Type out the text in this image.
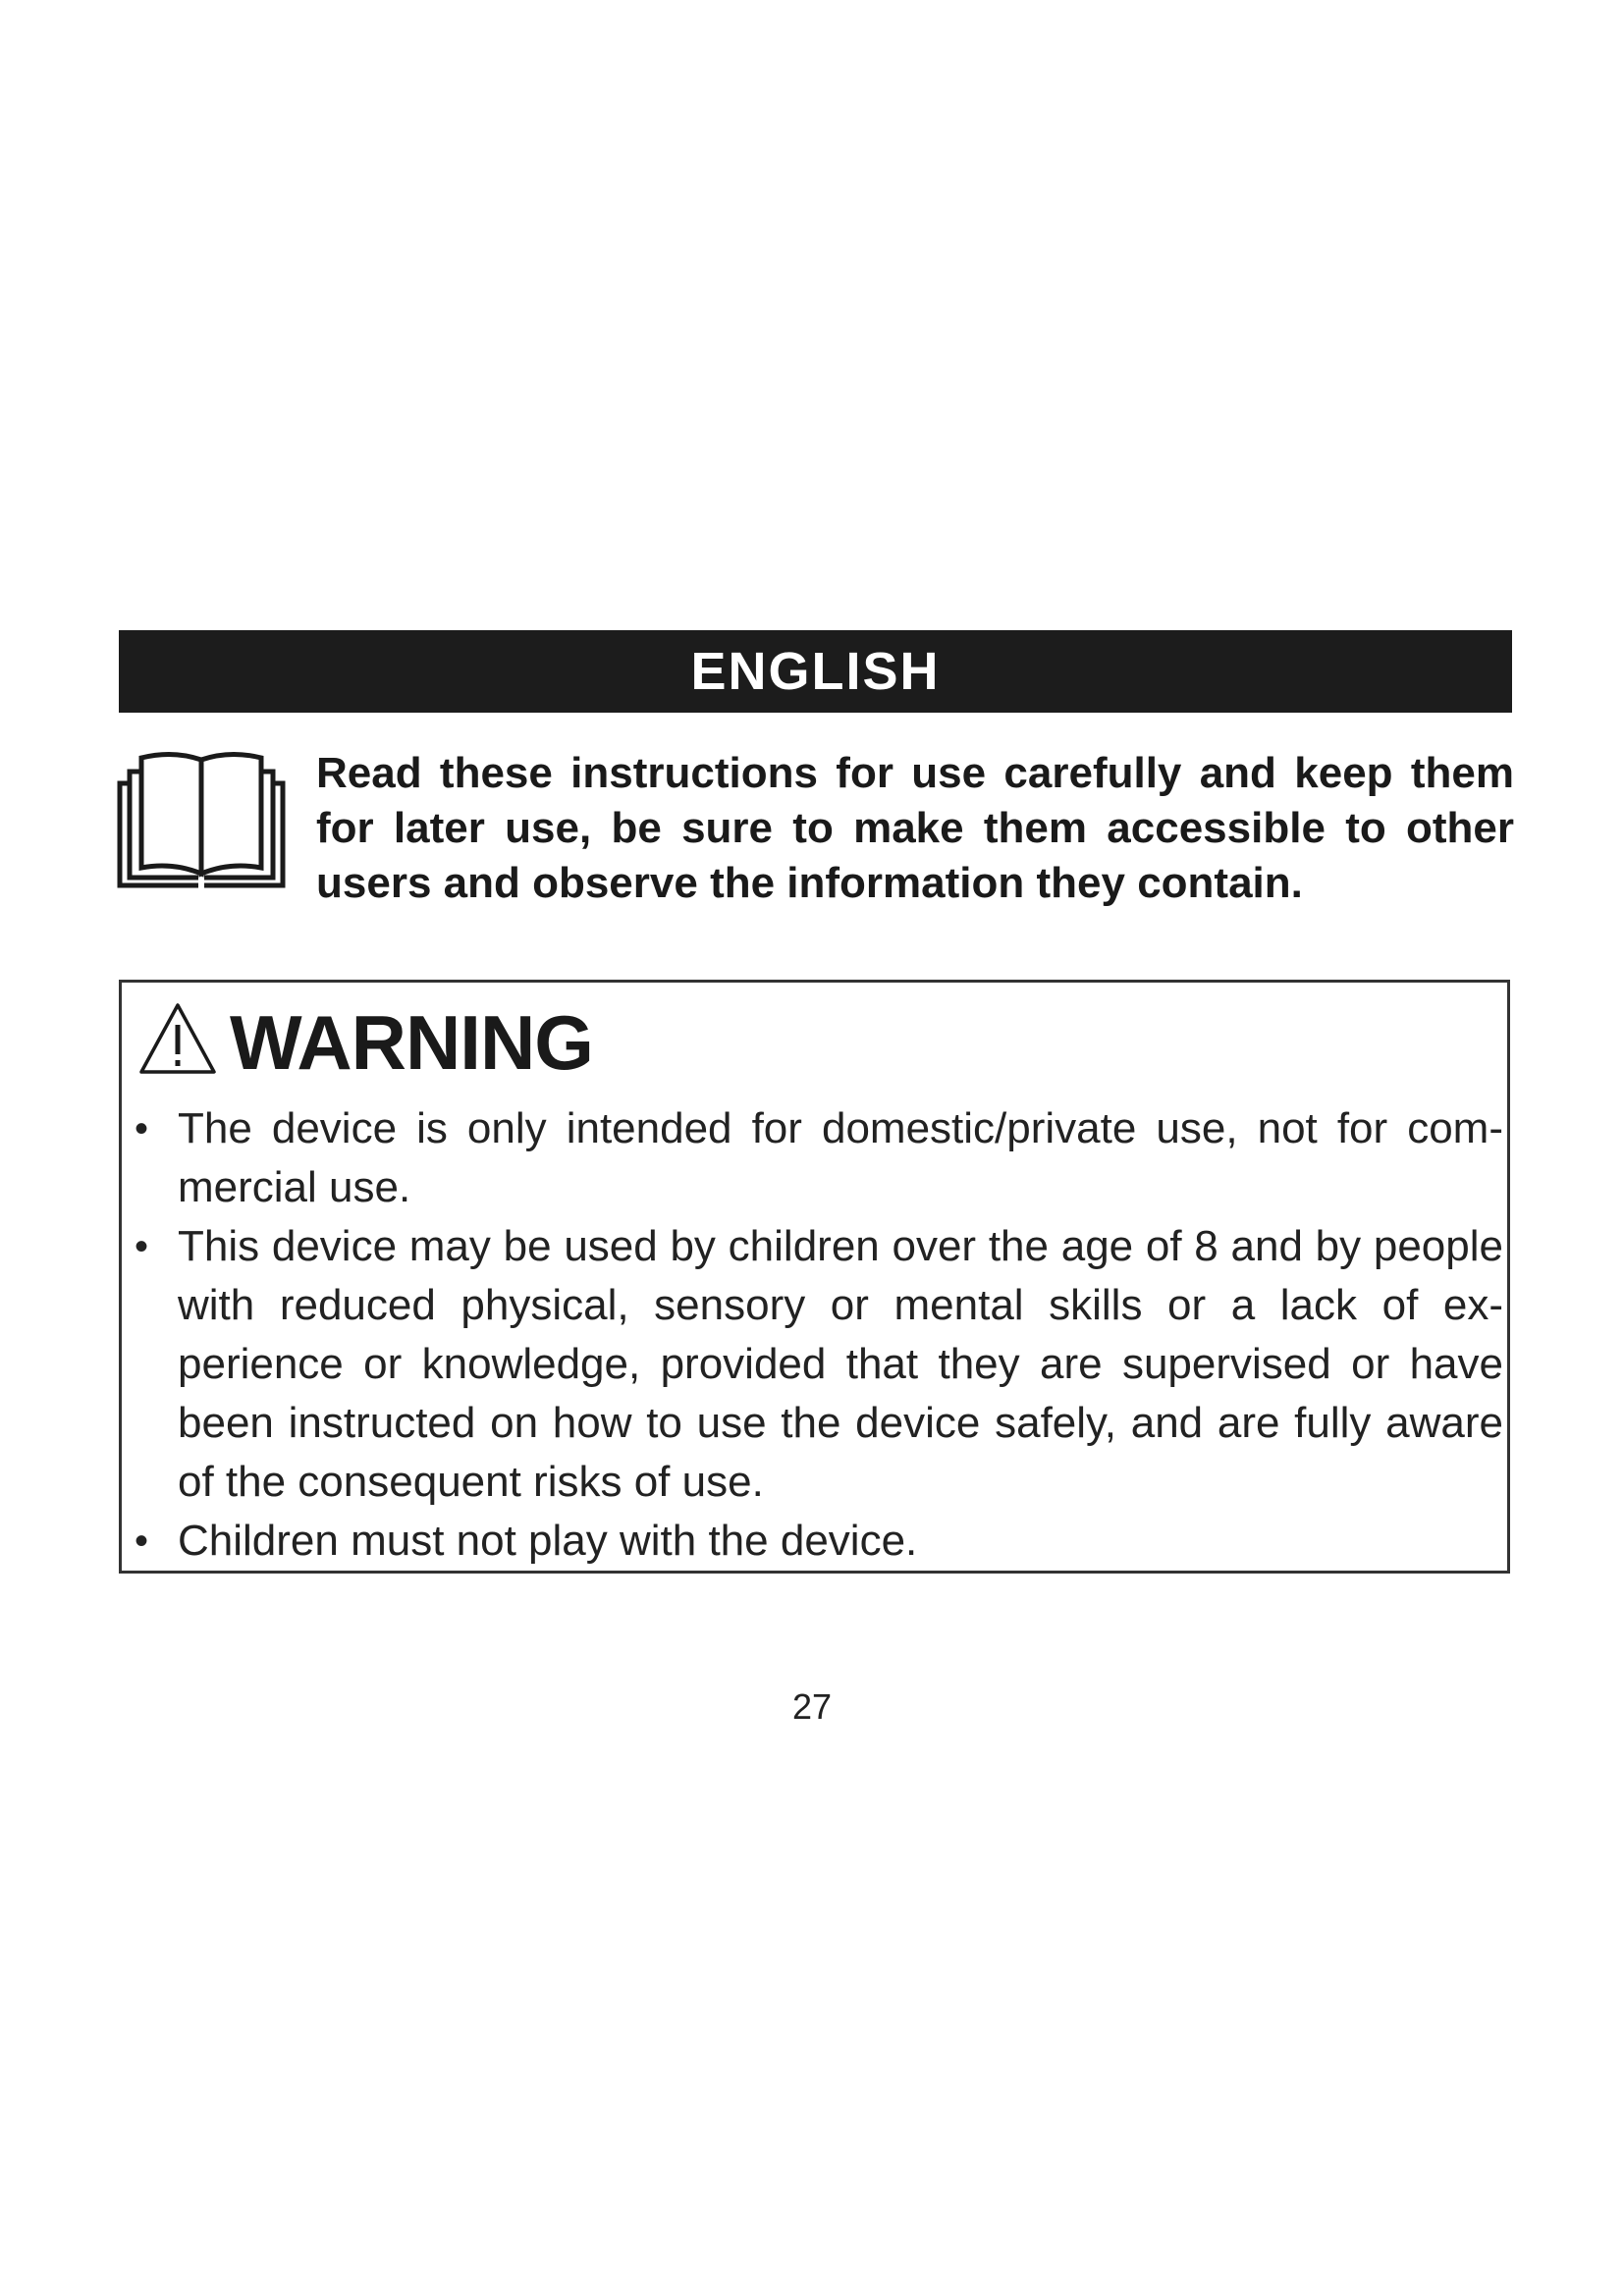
ENGLISH
Read these instructions for use carefully and keep them for later use, be sure to make them accessible to other users and observe the information they contain.
WARNING
• The device is only intended for domestic/private use, not for commercial use.
• This device may be used by children over the age of 8 and by people with reduced physical, sensory or mental skills or a lack of experience or knowledge, provided that they are supervised or have been instructed on how to use the device safely, and are fully aware of the consequent risks of use.
• Children must not play with the device.
27
